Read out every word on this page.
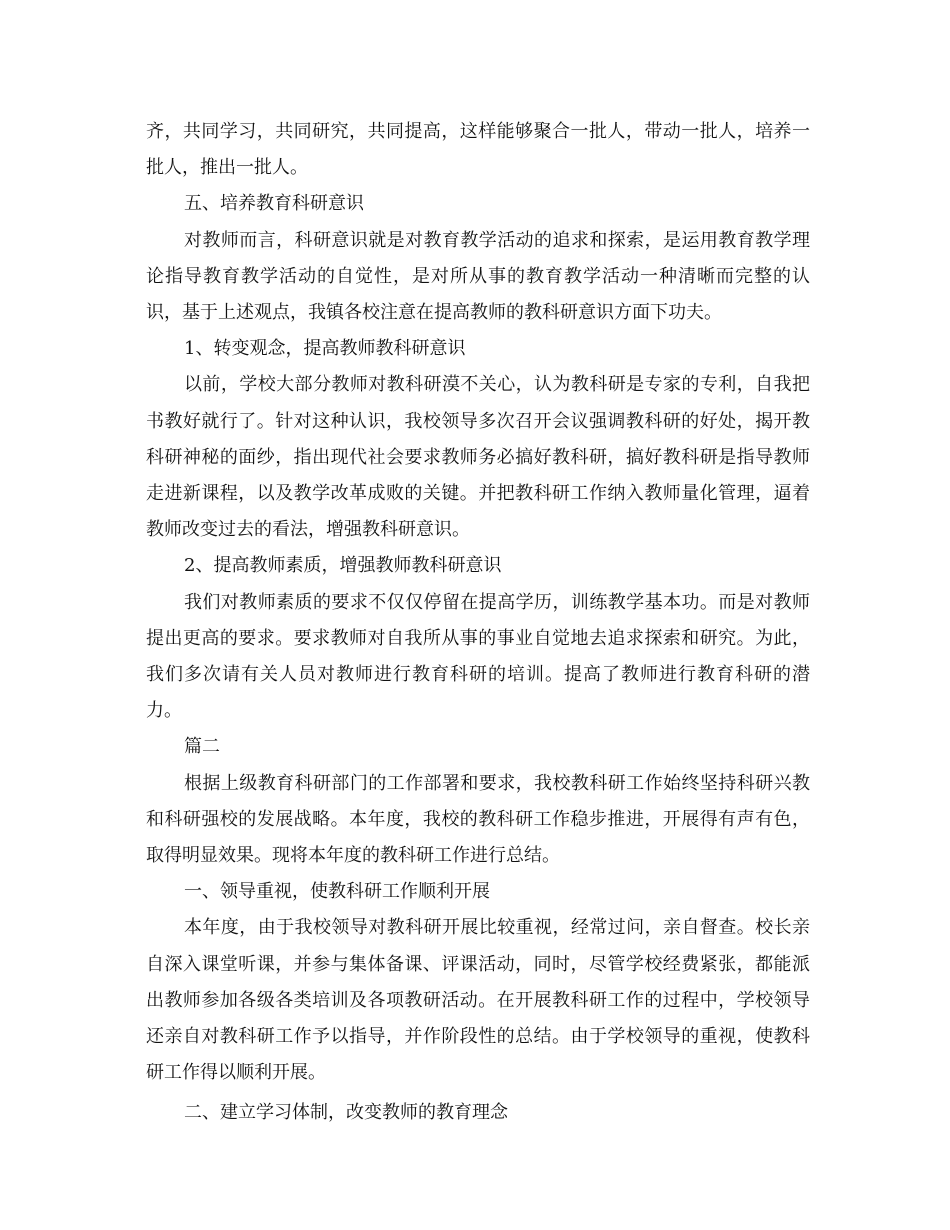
齐，共同学习，共同研究，共同提高，这样能够聚合一批人，带动一批人，培养一批人，推出一批人。

五、培养教育科研意识

对教师而言，科研意识就是对教育教学活动的追求和探索，是运用教育教学理论指导教育教学活动的自觉性，是对所从事的教育教学活动一种清晰而完整的认识，基于上述观点，我镇各校注意在提高教师的教科研意识方面下功夫。

1、转变观念，提高教师教科研意识

以前，学校大部分教师对教科研漠不关心，认为教科研是专家的专利，自我把书教好就行了。针对这种认识，我校领导多次召开会议强调教科研的好处，揭开教科研神秘的面纱，指出现代社会要求教师务必搞好教科研，搞好教科研是指导教师走进新课程，以及教学改革成败的关键。并把教科研工作纳入教师量化管理，逼着教师改变过去的看法，增强教科研意识。

2、提高教师素质，增强教师教科研意识

我们对教师素质的要求不仅仅停留在提高学历，训练教学基本功。而是对教师提出更高的要求。要求教师对自我所从事的事业自觉地去追求探索和研究。为此，我们多次请有关人员对教师进行教育科研的培训。提高了教师进行教育科研的潜力。

篇二

根据上级教育科研部门的工作部署和要求，我校教科研工作始终坚持科研兴教和科研强校的发展战略。本年度，我校的教科研工作稳步推进，开展得有声有色，取得明显效果。现将本年度的教科研工作进行总结。

一、领导重视，使教科研工作顺利开展

本年度，由于我校领导对教科研开展比较重视，经常过问，亲自督查。校长亲自深入课堂听课，并参与集体备课、评课活动，同时，尽管学校经费紧张，都能派出教师参加各级各类培训及各项教研活动。在开展教科研工作的过程中，学校领导还亲自对教科研工作予以指导，并作阶段性的总结。由于学校领导的重视，使教科研工作得以顺利开展。

二、建立学习体制，改变教师的教育理念
